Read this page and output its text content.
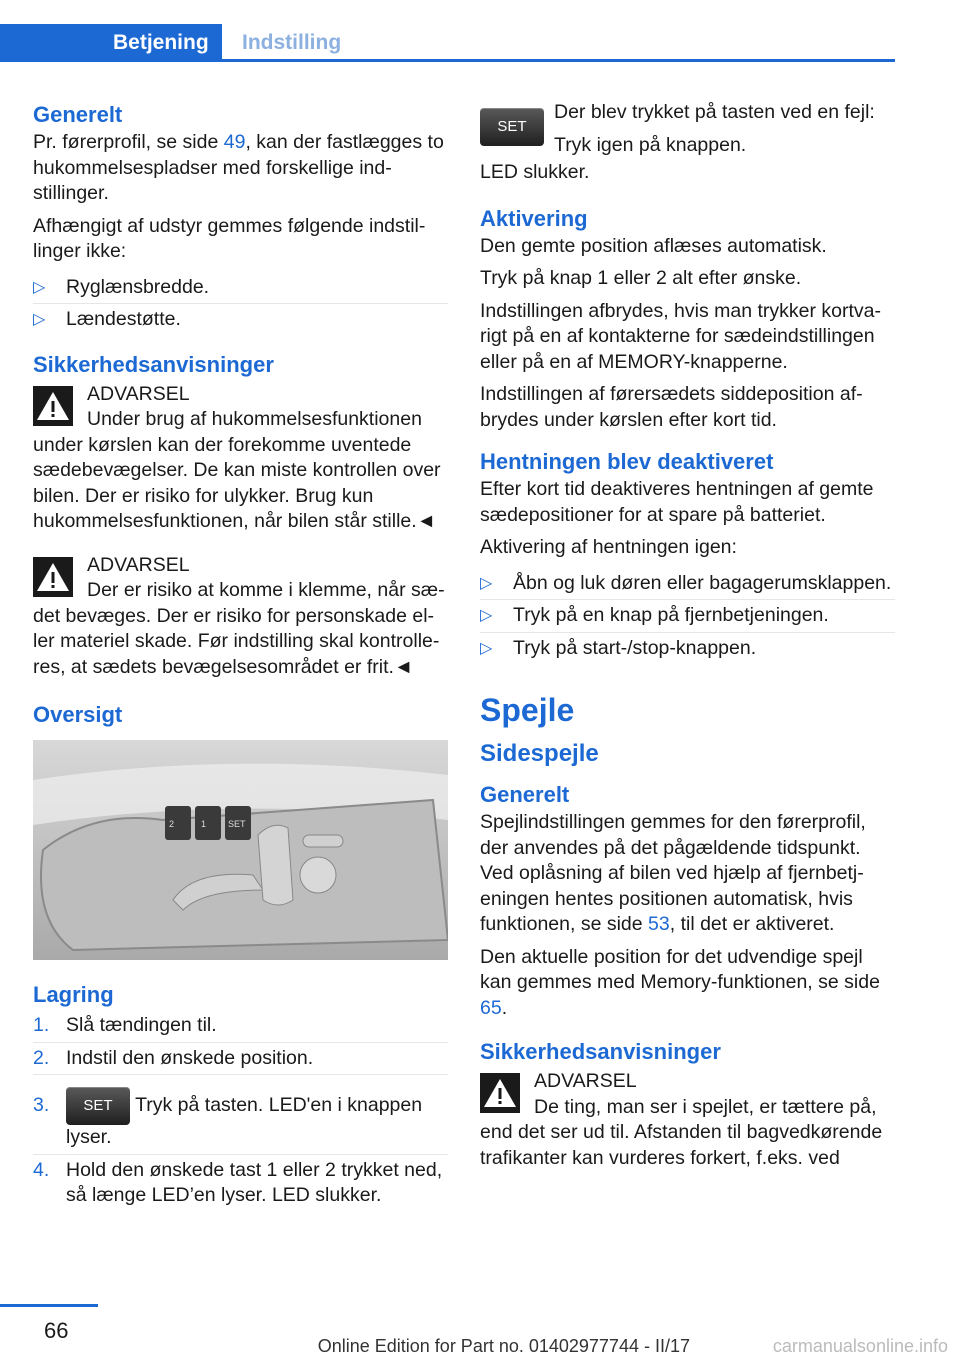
Betjening	Indstilling
Generelt

Pr. førerprofil, se side 49, kan der fastlægges to hukommelsespladser med forskellige indstillinger.

Afhængigt af udstyr gemmes følgende indstillinger ikke:

▷ Ryglænsbredde.
▷ Lændestøtte.
Sikkerhedsanvisninger
ADVARSEL
Under brug af hukommelsesfunktionen under kørslen kan der forekomme uventede sædebevægelser. De kan miste kontrollen over bilen. Der er risiko for ulykker. Brug kun hukommelsesfunktionen, når bilen står stille.◄
ADVARSEL
Der er risiko at komme i klemme, når sædet bevæges. Der er risiko for personskade eller materiel skade. Før indstilling skal kontrolleres, at sædets bevægelsesområdet er frit.◄
Oversigt
2	1 SET
Lagring
1. Slå tændingen til.
2. Indstil den ønskede position.
3. SET Tryk på tasten. LED'en i knappen lyser.
4. Hold den ønskede tast 1 eller 2 trykket ned, så længe LED’en lyser. LED slukker.
SET

Der blev trykket på tasten ved en fejl:

Tryk igen på knappen.

LED slukker.

Aktivering

Den gemte position aflæses automatisk.

Tryk på knap 1 eller 2 alt efter ønske.

Indstillingen afbrydes, hvis man trykker kortvarigt på en af kontakterne for sædeindstillingen eller på en af MEMORY-knapperne.

Indstillingen af førersædets siddeposition afbrydes under kørslen efter kort tid.

Hentningen blev deaktiveret

Efter kort tid deaktiveres hentningen af gemte sædepositioner for at spare på batteriet.

Aktivering af hentningen igen:

▷ Åbn og luk døren eller bagagerumsklappen.
▷ Tryk på en knap på fjernbetjeningen.
▷ Tryk på start-/stop-knappen.
Spejle
Sidespejle
Generelt

Spejlindstillingen gemmes for den førerprofil, der anvendes på det pågældende tidspunkt. Ved oplåsning af bilen ved hjælp af fjernbetjeningen hentes positionen automatisk, hvis funktionen, se side 53, til det er aktiveret.

Den aktuelle position for det udvendige spejl kan gemmes med Memory-funktionen, se side 65.

Sikkerhedsanvisninger
ADVARSEL
De ting, man ser i spejlet, er tættere på, end det ser ud til. Afstanden til bagvedkørende trafikanter kan vurderes forkert, f.eks. ved
66
Online Edition for Part no. 01402977744 - II/17	carmanualsonline.info
